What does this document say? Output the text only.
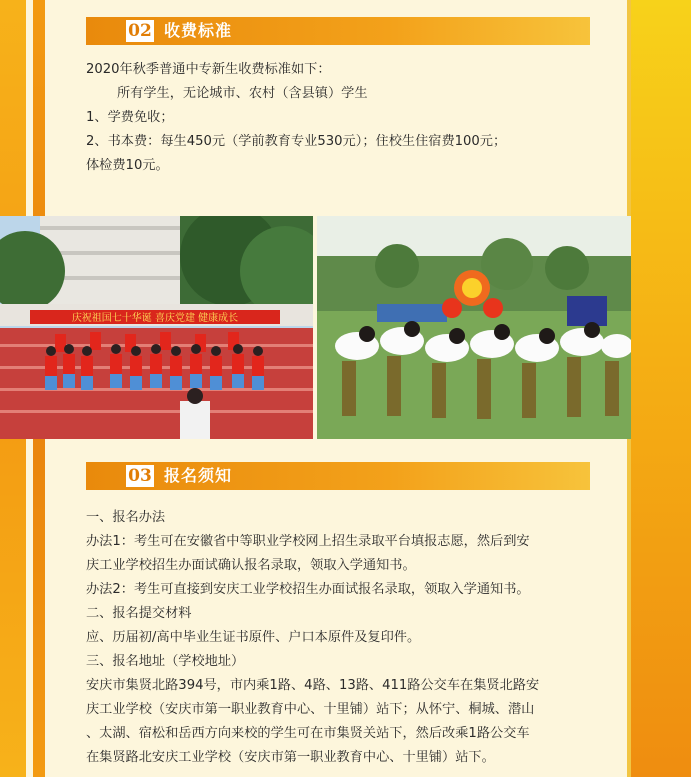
02 收费标准

2020年秋季普通中专新生收费标准如下：

所有学生，无论城市、农村（含县镇）学生

1、学费免收；

2、书本费：每生450元（学前教育专业530元）；住校生住宿费100元；

体检费10元。

庆祝祖国七十华诞 喜庆党建 健康成长
03 报名须知

一、报名办法

办法1：考生可在安徽省中等职业学校网上招生录取平台填报志愿，然后到安

庆工业学校招生办面试确认报名录取，领取入学通知书。

办法2：考生可直接到安庆工业学校招生办面试报名录取，领取入学通知书。

二、报名提交材料

应、历届初/高中毕业生证书原件、户口本原件及复印件。

三、报名地址（学校地址）

安庆市集贤北路394号，市内乘1路、4路、13路、411路公交车在集贤北路安

庆工业学校（安庆市第一职业教育中心、十里铺）站下；从怀宁、桐城、潜山

、太湖、宿松和岳西方向来校的学生可在市集贤关站下，然后改乘1路公交车

在集贤路北安庆工业学校（安庆市第一职业教育中心、十里铺）站下。
